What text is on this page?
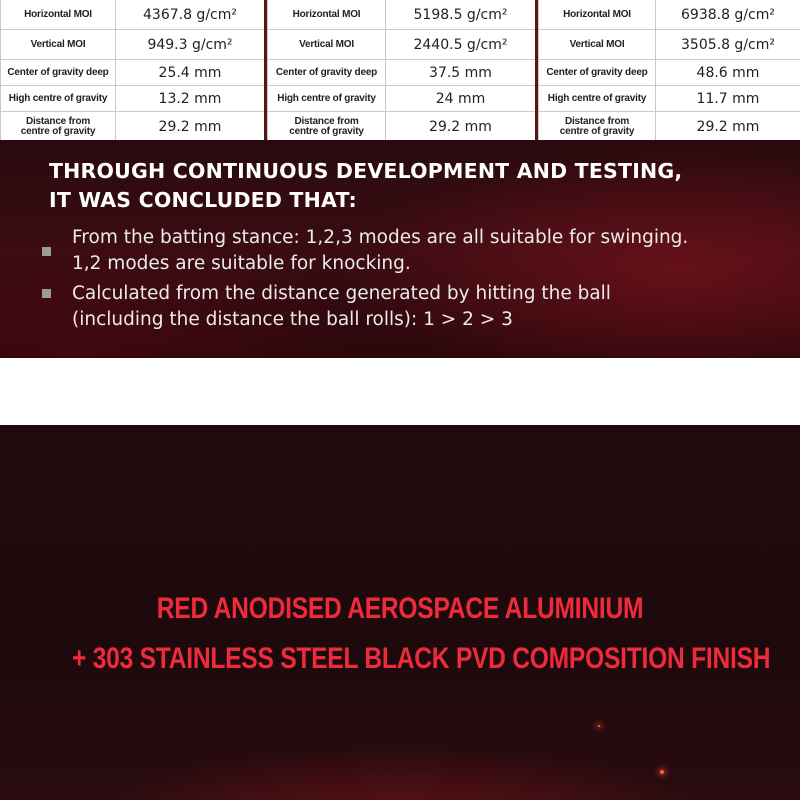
Horizontal MOI	4367.8 g/cm²
Vertical MOI	949.3 g/cm²
Center of gravity deep	25.4 mm
High centre of gravity	13.2 mm
Distance from
centre of gravity	29.2 mm
Horizontal MOI	5198.5 g/cm²
Vertical MOI	2440.5 g/cm²
Center of gravity deep	37.5 mm
High centre of gravity	24 mm
Distance from
centre of gravity	29.2 mm
Horizontal MOI	6938.8 g/cm²
Vertical MOI	3505.8 g/cm²
Center of gravity deep	48.6 mm
High centre of gravity	11.7 mm
Distance from
centre of gravity	29.2 mm
THROUGH CONTINUOUS DEVELOPMENT AND TESTING,
IT WAS CONCLUDED THAT:
From the batting stance: 1,2,3 modes are all suitable for swinging.
1,2 modes are suitable for knocking.
Calculated from the distance generated by hitting the ball
(including the distance the ball rolls): 1 > 2 > 3
RED ANODISED AEROSPACE ALUMINIUM
+ 303 STAINLESS STEEL BLACK PVD COMPOSITION FINISH
